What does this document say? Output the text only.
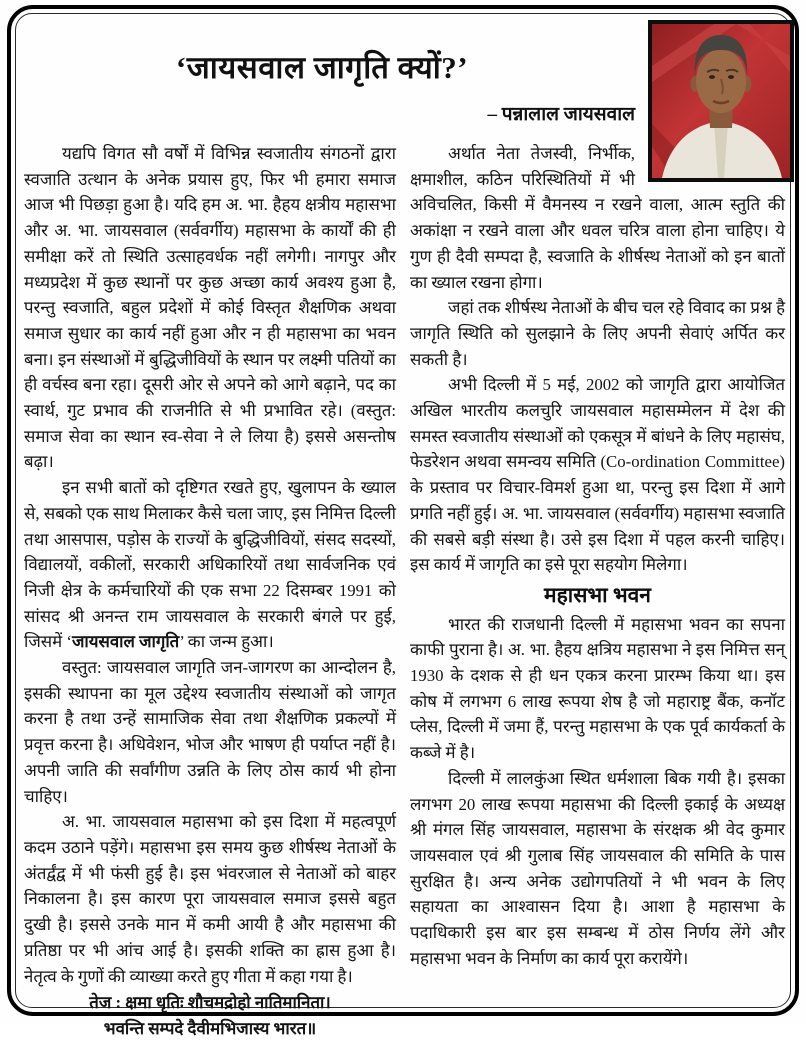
‘जायसवाल जागृति क्यों?’
– पन्नालाल जायसवाल

यद्यपि विगत सौ वर्षों में विभिन्न स्वजातीय संगठनों द्वारा स्वजाति उत्थान के अनेक प्रयास हुए, फिर भी हमारा समाज आज भी पिछड़ा हुआ है। यदि हम अ. भा. हैहय क्षत्रीय महासभा और अ. भा. जायसवाल (सर्ववर्गीय) महासभा के कार्यों की ही समीक्षा करें तो स्थिति उत्साहवर्धक नहीं लगेगी। नागपुर और मध्यप्रदेश में कुछ स्थानों पर कुछ अच्छा कार्य अवश्य हुआ है, परन्तु स्वजाति, बहुल प्रदेशों में कोई विस्तृत शैक्षणिक अथवा समाज सुधार का कार्य नहीं हुआ और न ही महासभा का भवन बना। इन संस्थाओं में बुद्धिजीवियों के स्थान पर लक्ष्मी पतियों का ही वर्चस्व बना रहा। दूसरी ओर से अपने को आगे बढ़ाने, पद का स्वार्थ, गुट प्रभाव की राजनीति से भी प्रभावित रहे। (वस्तुत: समाज सेवा का स्थान स्व-सेवा ने ले लिया है) इससे असन्तोष बढ़ा।

इन सभी बातों को दृष्टिगत रखते हुए, खुलापन के ख्याल से, सबको एक साथ मिलाकर कैसे चला जाए, इस निमित्त दिल्ली तथा आसपास, पड़ोस के राज्यों के बुद्धिजीवियों, संसद सदस्यों, विद्यालयों, वकीलों, सरकारी अधिकारियों तथा सार्वजनिक एवं निजी क्षेत्र के कर्मचारियों की एक सभा 22 दिसम्बर 1991 को सांसद श्री अनन्त राम जायसवाल के सरकारी बंगले पर हुई, जिसमें ‘जायसवाल जागृति’ का जन्म हुआ।

वस्तुत: जायसवाल जागृति जन-जागरण का आन्दोलन है, इसकी स्थापना का मूल उद्देश्य स्वजातीय संस्थाओं को जागृत करना है तथा उन्हें सामाजिक सेवा तथा शैक्षणिक प्रकल्पों में प्रवृत्त करना है। अधिवेशन, भोज और भाषण ही पर्याप्त नहीं है। अपनी जाति की सर्वांगीण उन्नति के लिए ठोस कार्य भी होना चाहिए।

अ. भा. जायसवाल महासभा को इस दिशा में महत्वपूर्ण कदम उठाने पड़ेंगे। महासभा इस समय कुछ शीर्षस्थ नेताओं के अंतर्द्वंद्व में भी फंसी हुई है। इस भंवरजाल से नेताओं को बाहर निकालना है। इस कारण पूरा जायसवाल समाज इससे बहुत दुखी है। इससे उनके मान में कमी आयी है और महासभा की प्रतिष्ठा पर भी आंच आई है। इसकी शक्ति का ह्रास हुआ है। नेतृत्व के गुणों की व्याख्या करते हुए गीता में कहा गया है।

तेज : क्षमा धृतिः शौचमद्रोहो नातिमानिता।
भवन्ति सम्पदे दैवीमभिजास्य भारत॥

अर्थात नेता तेजस्वी, निर्भीक, क्षमाशील, कठिन परिस्थितियों में भी अविचलित, किसी में वैमनस्य न रखने वाला, आत्म स्तुति की अकांक्षा न रखने वाला और धवल चरित्र वाला होना चाहिए। ये गुण ही दैवी सम्पदा है, स्वजाति के शीर्षस्थ नेताओं को इन बातों का ख्याल रखना होगा।

जहां तक शीर्षस्थ नेताओं के बीच चल रहे विवाद का प्रश्न है जागृति स्थिति को सुलझाने के लिए अपनी सेवाएं अर्पित कर सकती है।

अभी दिल्ली में 5 मई, 2002 को जागृति द्वारा आयोजित अखिल भारतीय कलचुरि जायसवाल महासम्मेलन में देश की समस्त स्वजातीय संस्थाओं को एकसूत्र में बांधने के लिए महासंघ, फेडरेशन अथवा समन्वय समिति (Co-ordination Committee) के प्रस्ताव पर विचार-विमर्श हुआ था, परन्तु इस दिशा में आगे प्रगति नहीं हुई। अ. भा. जायसवाल (सर्ववर्गीय) महासभा स्वजाति की सबसे बड़ी संस्था है। उसे इस दिशा में पहल करनी चाहिए। इस कार्य में जागृति का इसे पूरा सहयोग मिलेगा।

महासभा भवन

भारत की राजधानी दिल्ली में महासभा भवन का सपना काफी पुराना है। अ. भा. हैहय क्षत्रिय महासभा ने इस निमित्त सन् 1930 के दशक से ही धन एकत्र करना प्रारम्भ किया था। इस कोष में लगभग 6 लाख रूपया शेष है जो महाराष्ट्र बैंक, कनॉट प्लेस, दिल्ली में जमा हैं, परन्तु महासभा के एक पूर्व कार्यकर्ता के कब्जे में है।

दिल्ली में लालकुंआ स्थित धर्मशाला बिक गयी है। इसका लगभग 20 लाख रूपया महासभा की दिल्ली इकाई के अध्यक्ष श्री मंगल सिंह जायसवाल, महासभा के संरक्षक श्री वेद कुमार जायसवाल एवं श्री गुलाब सिंह जायसवाल की समिति के पास सुरक्षित है। अन्य अनेक उद्योगपतियों ने भी भवन के लिए सहायता का आश्वासन दिया है। आशा है महासभा के पदाधिकारी इस बार इस सम्बन्ध में ठोस निर्णय लेंगे और महासभा भवन के निर्माण का कार्य पूरा करायेंगे।
